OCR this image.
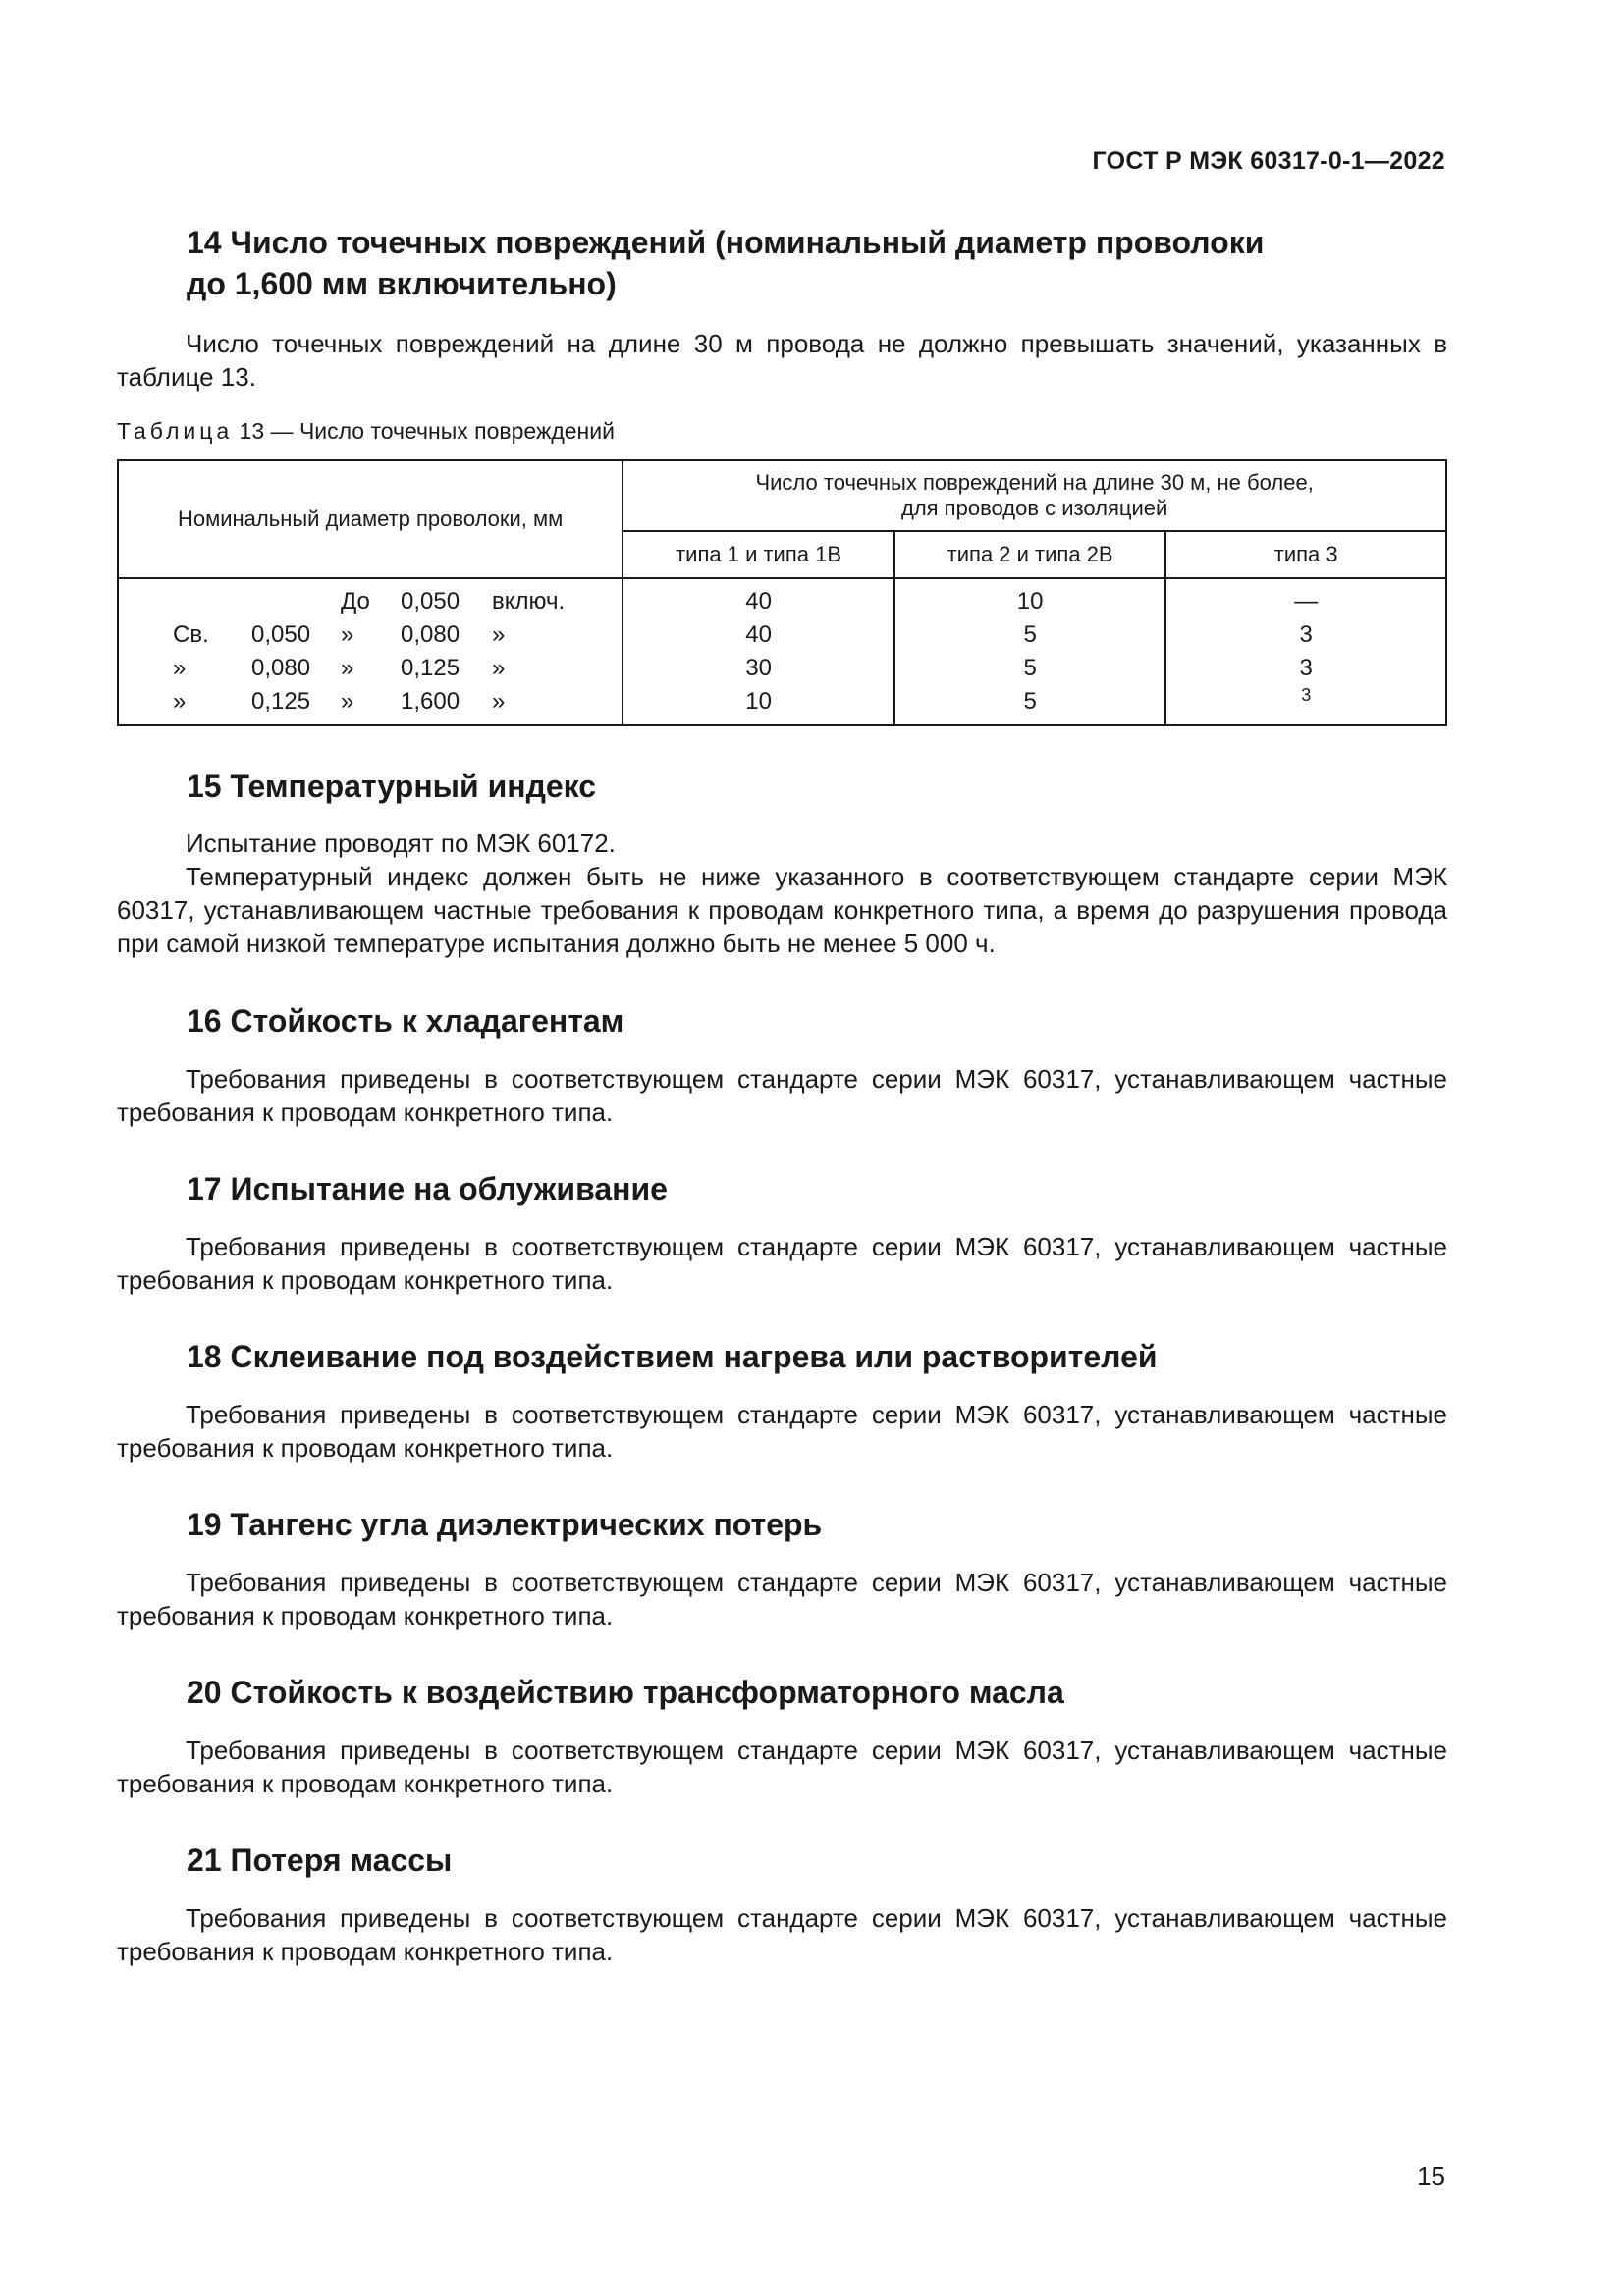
ГОСТ Р МЭК 60317-0-1—2022
14 Число точечных повреждений (номинальный диаметр проволоки
до 1,600 мм включительно)

Число точечных повреждений на длине 30 м провода не должно превышать значений, указанных в таблице 13.

Таблица 13 — Число точечных повреждений
Номинальный диаметр проволоки, мм	Число точечных повреждений на длине 30 м, не более,
для проводов с изоляцией		
	типа 1 и типа 1В	типа 2 и типа 2В	типа 3

До 0,050 включ.	40	10	—

Св. 0,050 » 0,080 »	40	5	3

» 0,080 » 0,125 »	30	5	3

» 0,125 » 1,600 »	10	5	$^3$
15 Температурный индекс

Испытание проводят по МЭК 60172.

Температурный индекс должен быть не ниже указанного в соответствующем стандарте серии МЭК 60317, устанавливающем частные требования к проводам конкретного типа, а время до разрушения провода при самой низкой температуре испытания должно быть не менее 5 000 ч.

16 Стойкость к хладагентам

Требования приведены в соответствующем стандарте серии МЭК 60317, устанавливающем частные требования к проводам конкретного типа.

17 Испытание на облуживание

Требования приведены в соответствующем стандарте серии МЭК 60317, устанавливающем частные требования к проводам конкретного типа.

18 Склеивание под воздействием нагрева или растворителей

Требования приведены в соответствующем стандарте серии МЭК 60317, устанавливающем частные требования к проводам конкретного типа.

19 Тангенс угла диэлектрических потерь

Требования приведены в соответствующем стандарте серии МЭК 60317, устанавливающем частные требования к проводам конкретного типа.

20 Стойкость к воздействию трансформаторного масла

Требования приведены в соответствующем стандарте серии МЭК 60317, устанавливающем частные требования к проводам конкретного типа.

21 Потеря массы

Требования приведены в соответствующем стандарте серии МЭК 60317, устанавливающем частные требования к проводам конкретного типа.

15
